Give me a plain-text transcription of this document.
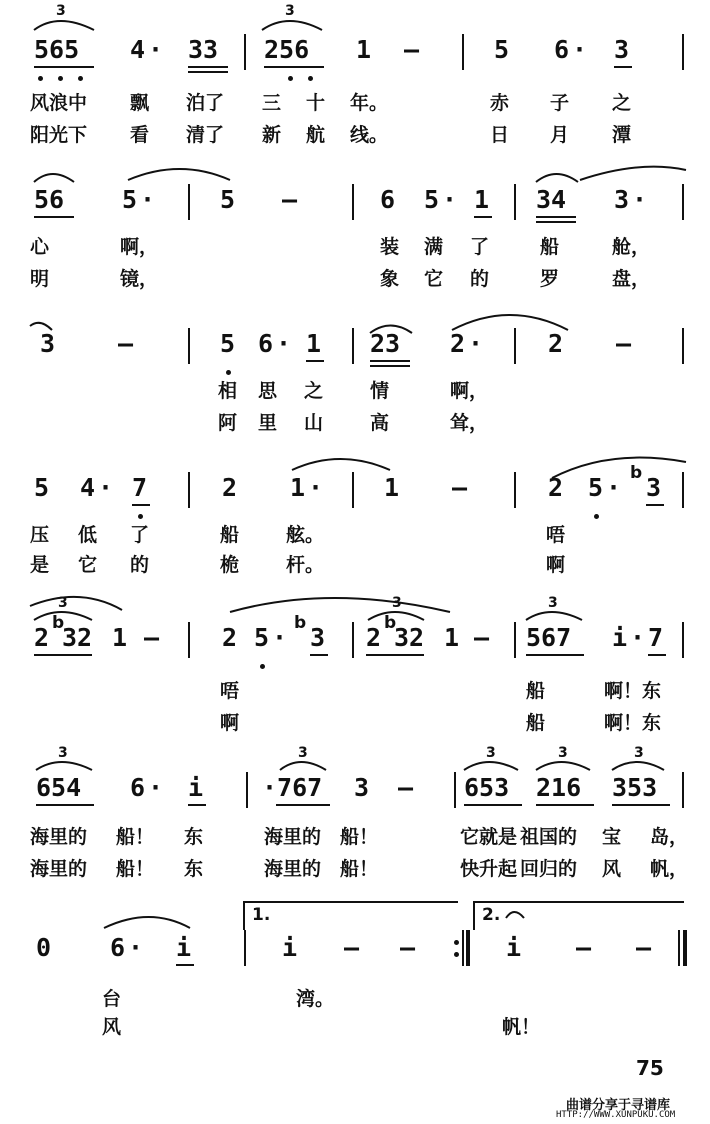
3	3
3	3	3
3	3	3	3	3
565 4 · 33 256 1 —	5 6 · 3
风浪中 飘 泊了 三 十 年。	赤 子 之
阳光下 看 清了 新 航 线。	日 月 潭
56 5 ·	5 —	6 5 · 1 34 3 ·
心	啊，	装 满 了	船	舱，
明	镜，	象 它 的	罗	盘，
3	—	5 6 · 1 23 2 ·	2 —
相 思 之 情	啊，
阿 里 山 高	耸，
5 4 · 7	2 1 · 1 —	2 5 · b 3
压 低 了	船 舷。	唔
是 它 的	桅 杆。	啊
2 b
32 1 —	2 5 · b 3 2 b
32 1 — 567 i · 7
唔	船	啊！东
啊	船	啊！东
654 6 · i ·767 3 — 653 216 353
海里的 船！ 东	海里的 船！	它就是 祖国的 宝 岛，
海里的 船！ 东	海里的 船！	快升起 回归的 风 帆，
1.	2.
0 6 · i	i — —	i — —
台	湾。
风	帆！
75
曲谱分享于寻谱库
HTTP://WWW.XUNPUKU.COM
